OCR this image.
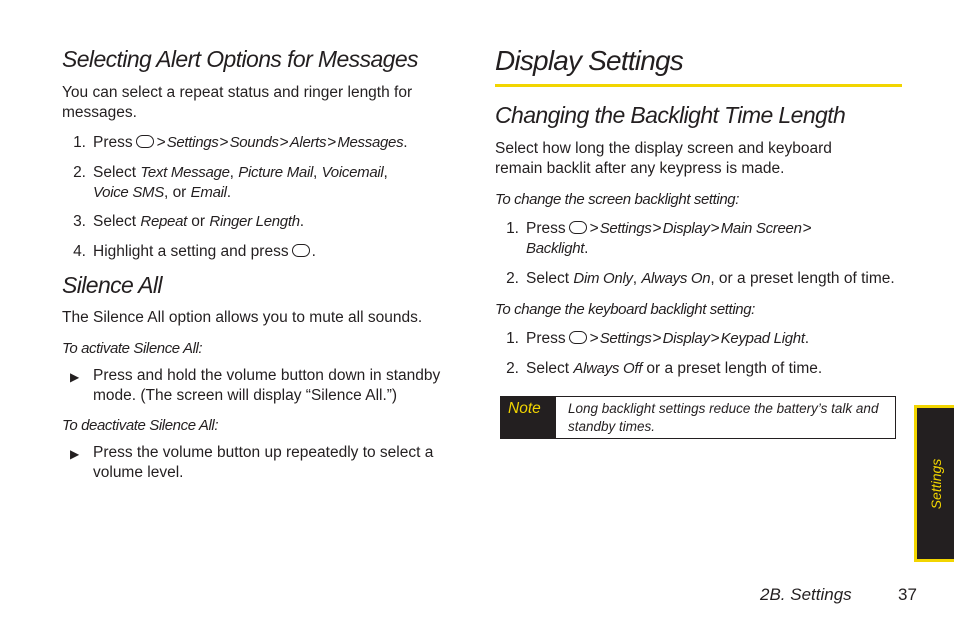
Selecting Alert Options for Messages

You can select a repeat status and ringer length for messages.

1. Press >Settings>Sounds>Alerts>Messages.
2. Select Text Message, Picture Mail, Voicemail,
Voice SMS, or Email.
3. Select Repeat or Ringer Length.
4. Highlight a setting and press .
Silence All

The Silence All option allows you to mute all sounds.

To activate Silence All:

▶ Press and hold the volume button down in standby mode. (The screen will display “Silence All.”)

To deactivate Silence All:

▶ Press the volume button up repeatedly to select a volume level.
Display Settings
Changing the Backlight Time Length

Select how long the display screen and keyboard remain backlit after any keypress is made.

To change the screen backlight setting:

1. Press >Settings>Display>Main Screen>
Backlight.
2. Select Dim Only, Always On, or a preset length of time.

To change the keyboard backlight setting:

1. Press >Settings>Display>Keypad Light.
2. Select Always Off or a preset length of time.
Note	Long backlight settings reduce the battery’s talk and standby times.
Settings
2B. Settings	37
